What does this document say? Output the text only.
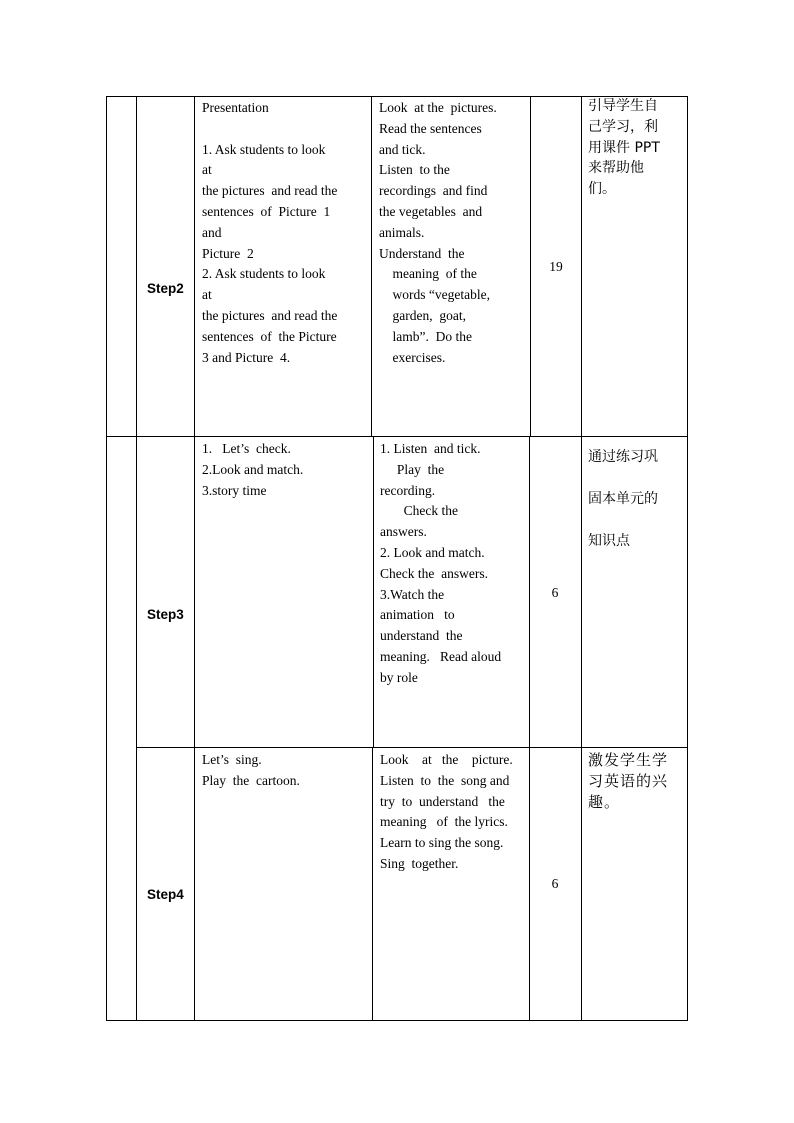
Step2
Presentation

1. Ask students to look
at
the pictures  and read the
sentences  of  Picture  1
and
Picture  2
2. Ask students to look
at
the pictures  and read the
sentences  of  the Picture
3 and Picture  4.
Look  at the  pictures.
Read the sentences
and tick.
Listen  to the
recordings  and find
the vegetables  and
animals.
Understand  the
meaning  of the
words “vegetable,
garden,  goat,
lamb”.  Do the
exercises.
19
引导学生自
己学习，利
用课件 PPT
来帮助他
们。
Step3
1.   Let’s  check.
2.Look and match.
3.story time
1. Listen  and tick.
Play  the
recording.
Check the
answers.
2. Look and match.
Check the  answers.
3.Watch the
animation   to
understand  the
meaning.   Read aloud
by role
6
通过练习巩
固本单元的
知识点
Step4
Let’s  sing.
Play  the  cartoon.
Look    at   the    picture.
Listen  to  the  song and
try  to  understand   the
meaning   of  the lyrics.
Learn to sing the song.
Sing  together.
6
激发学生学
习英语的兴
趣。
